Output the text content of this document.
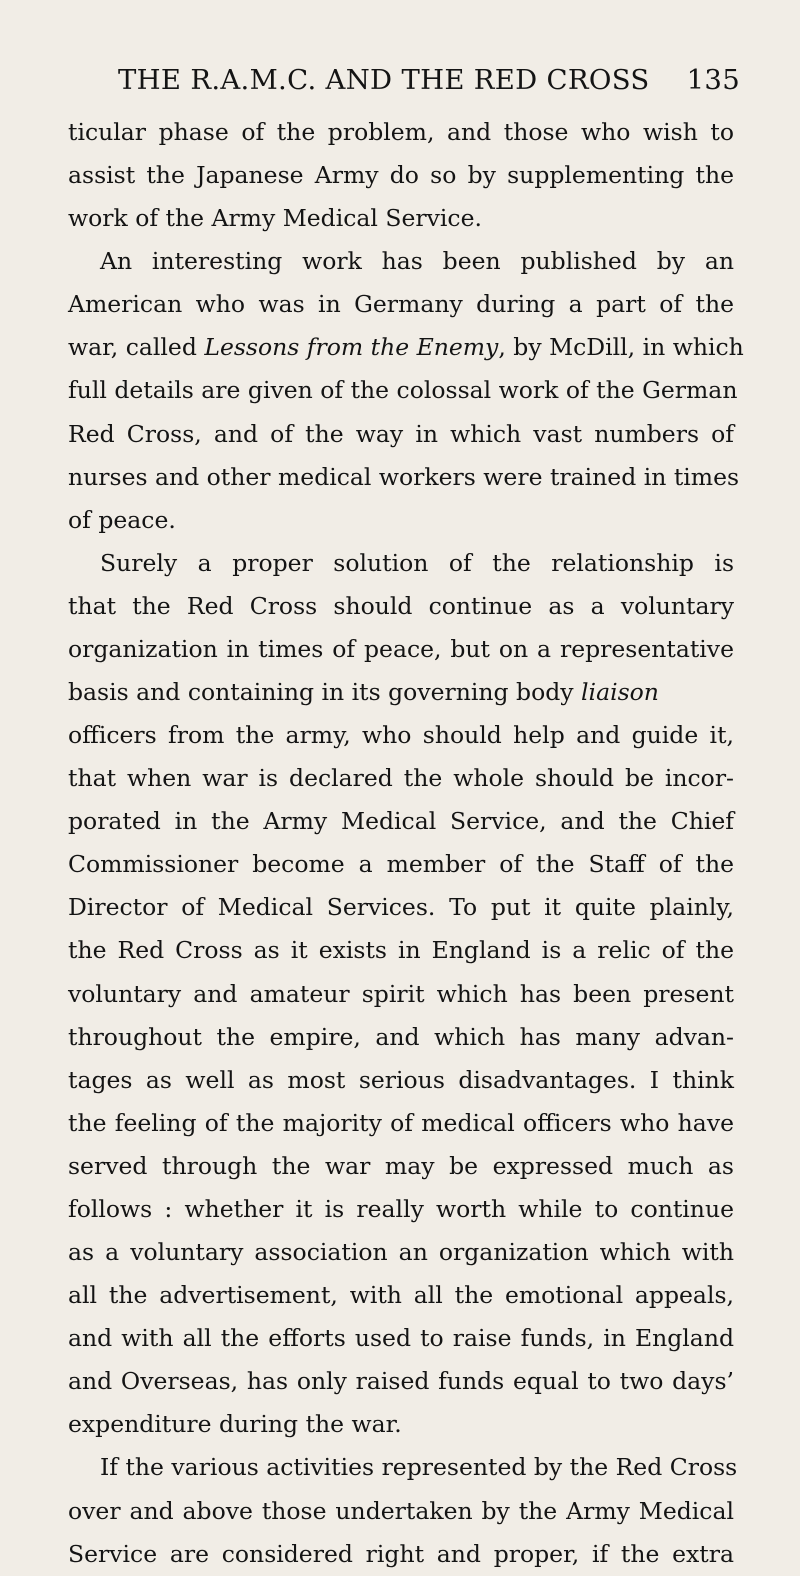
THE R.A.M.C. AND THE RED CROSS 135
ticular phase of the problem, and those who wish to
assist the Japanese Army do so by supplementing the
work of the Army Medical Service.
An interesting work has been published by an
American who was in Germany during a part of the
war, called Lessons from the Enemy, by McDill, in which
full details are given of the colossal work of the German
Red Cross, and of the way in which vast numbers of
nurses and other medical workers were trained in times
of peace.
Surely a proper solution of the relationship is
that the Red Cross should continue as a voluntary
organization in times of peace, but on a representative
basis and containing in its governing body liaison
officers from the army, who should help and guide it,
that when war is declared the whole should be incor-
porated in the Army Medical Service, and the Chief
Commissioner become a member of the Staff of the
Director of Medical Services. To put it quite plainly,
the Red Cross as it exists in England is a relic of the
voluntary and amateur spirit which has been present
throughout the empire, and which has many advan-
tages as well as most serious disadvantages. I think
the feeling of the majority of medical officers who have
served through the war may be expressed much as
follows : whether it is really worth while to continue
as a voluntary association an organization which with
all the advertisement, with all the emotional appeals,
and with all the efforts used to raise funds, in England
and Overseas, has only raised funds equal to two days’
expenditure during the war.
If the various activities represented by the Red Cross
over and above those undertaken by the Army Medical
Service are considered right and proper, if the extra
